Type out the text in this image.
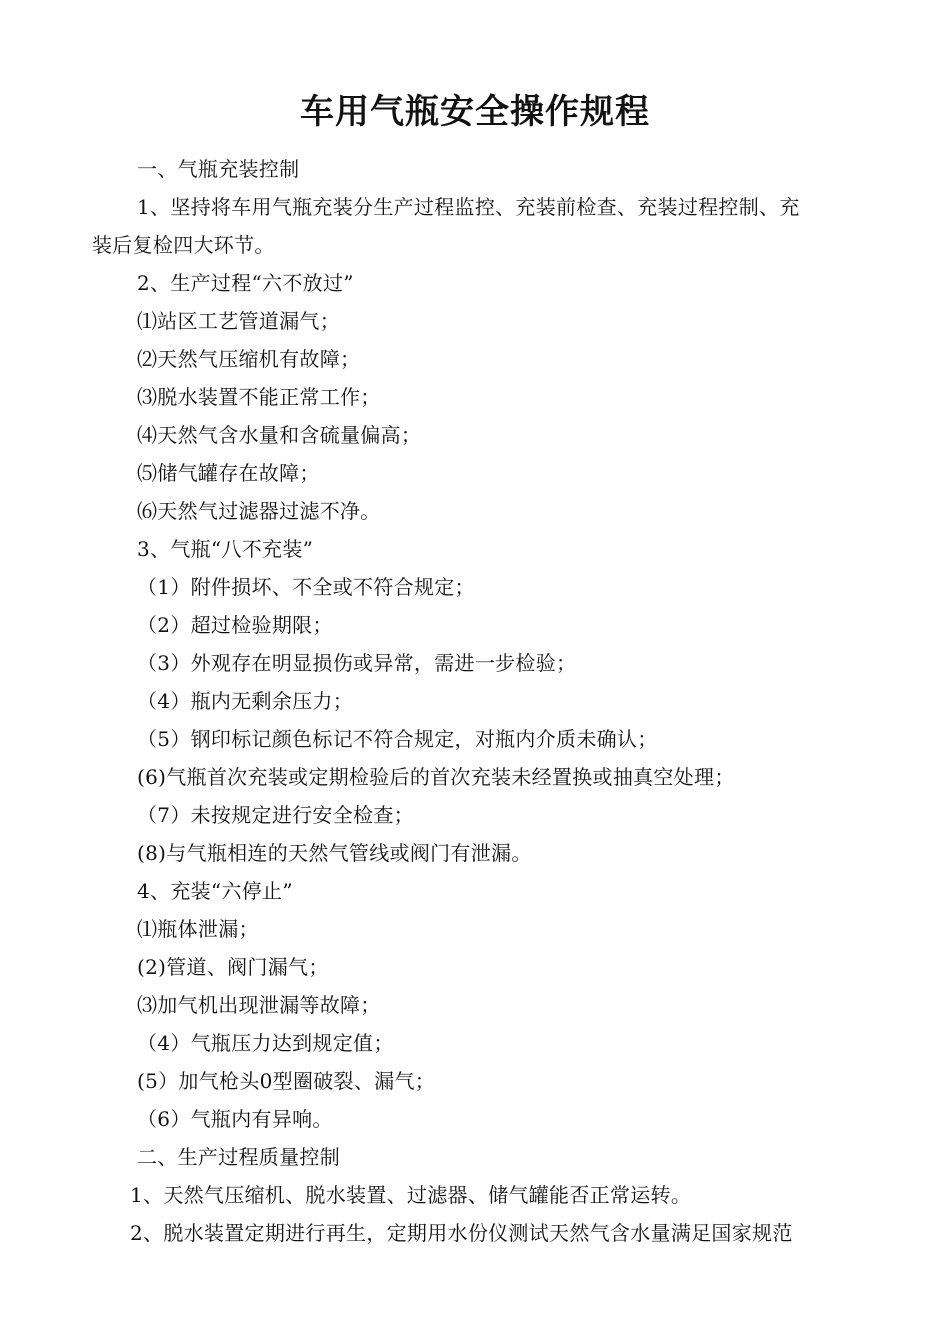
车用气瓶安全操作规程
一、气瓶充装控制
1、坚持将车用气瓶充装分生产过程监控、充装前检查、充装过程控制、充
装后复检四大环节。
2、生产过程“六不放过”
⑴站区工艺管道漏气；
⑵天然气压缩机有故障；
⑶脱水装置不能正常工作；
⑷天然气含水量和含硫量偏高；
⑸储气罐存在故障；
⑹天然气过滤器过滤不净。
3、气瓶“八不充装”
（1）附件损坏、不全或不符合规定；
（2）超过检验期限；
（3）外观存在明显损伤或异常，需进一步检验；
（4）瓶内无剩余压力；
（5）钢印标记颜色标记不符合规定，对瓶内介质未确认；
(6)气瓶首次充装或定期检验后的首次充装未经置换或抽真空处理；
（7）未按规定进行安全检查；
(8)与气瓶相连的天然气管线或阀门有泄漏。
4、充装“六停止”
⑴瓶体泄漏；
(2)管道、阀门漏气；
⑶加气机出现泄漏等故障；
（4）气瓶压力达到规定值；
(5）加气枪头0型圈破裂、漏气；
（6）气瓶内有异响。
二、生产过程质量控制
1、天然气压缩机、脱水装置、过滤器、储气罐能否正常运转。
2、脱水装置定期进行再生，定期用水份仪测试天然气含水量满足国家规范
